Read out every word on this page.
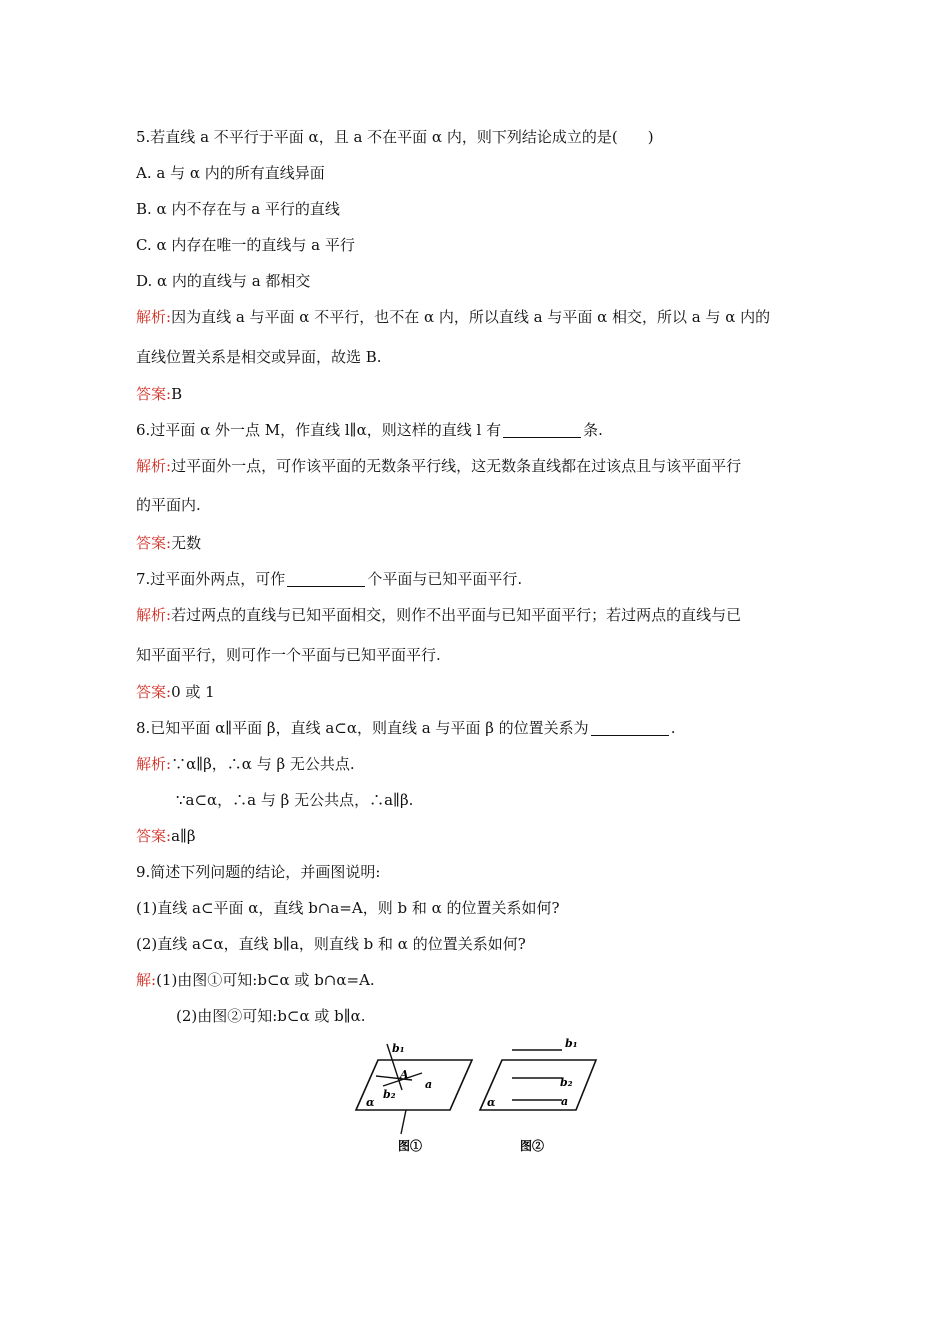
5.若直线 a 不平行于平面 α，且 a 不在平面 α 内，则下列结论成立的是(　　)
A. a 与 α 内的所有直线异面
B. α 内不存在与 a 平行的直线
C. α 内存在唯一的直线与 a 平行
D. α 内的直线与 a 都相交
解析:因为直线 a 与平面 α 不平行，也不在 α 内，所以直线 a 与平面 α 相交，所以 a 与 α 内的
直线位置关系是相交或异面，故选 B.
答案:B
6.过平面 α 外一点 M，作直线 l∥α，则这样的直线 l 有	条.
解析:过平面外一点，可作该平面的无数条平行线，这无数条直线都在过该点且与该平面平行
的平面内.
答案:无数
7.过平面外两点，可作	个平面与已知平面平行.
解析:若过两点的直线与已知平面相交，则作不出平面与已知平面平行；若过两点的直线与已
知平面平行，则可作一个平面与已知平面平行.
答案:0 或 1
8.已知平面 α∥平面 β，直线 a⊂α，则直线 a 与平面 β 的位置关系为	.
解析:∵α∥β，∴α 与 β 无公共点.
∵a⊂α，∴a 与 β 无公共点，∴a∥β.
答案:a∥β
9.简述下列问题的结论，并画图说明:
(1)直线 a⊂平面 α，直线 b∩a=A，则 b 和 α 的位置关系如何?
(2)直线 a⊂α，直线 b∥a，则直线 b 和 α 的位置关系如何?
解:(1)由图①可知:b⊂α 或 b∩α=A.
(2)由图②可知:b⊂α 或 b∥α.
b₁
A
a
b₂
α
图①
b₁
b₂
a
α
图②
